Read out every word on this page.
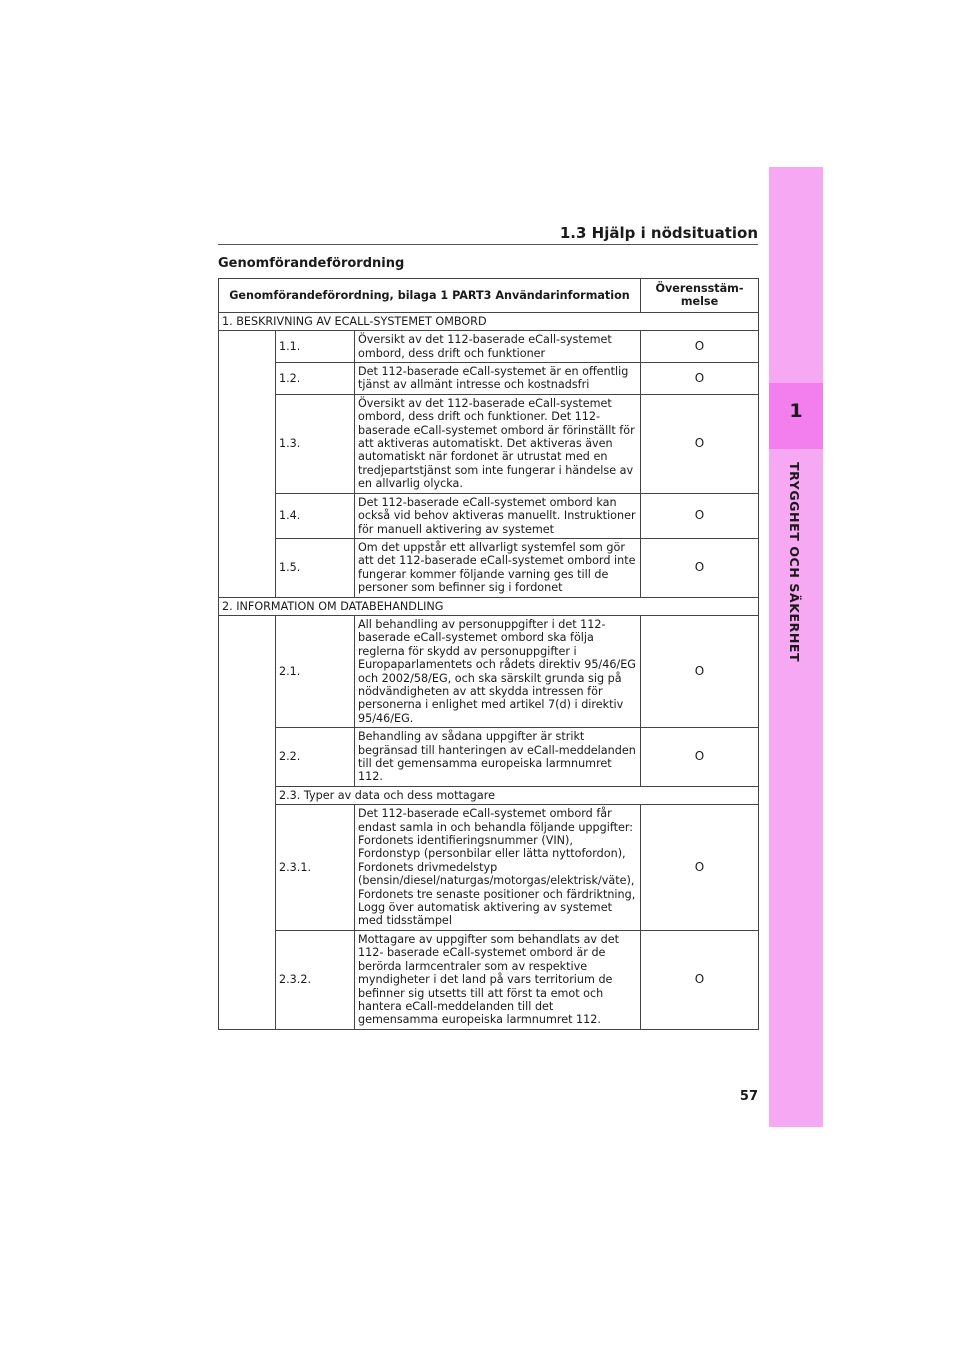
1
TRYGGHET OCH SÄKERHET
1.3 Hjälp i nödsituation
Genomförandeförordning
Genomförandeförordning, bilaga 1 PART3 Användarinformation			Överensstäm-
melse
1. BESKRIVNING AV ECALL-SYSTEMET OMBORD			
	1.1.	Översikt av det 112-baserade eCall-systemet ombord, dess drift och funktioner	O
	1.2.	Det 112-baserade eCall-systemet är en offentlig tjänst av allmänt intresse och kostnadsfri	O
	1.3.	Översikt av det 112-baserade eCall-systemet ombord, dess drift och funktioner. Det 112-baserade eCall-systemet ombord är förinställt för att aktiveras automatiskt. Det aktiveras även automatiskt när fordonet är utrustat med en tredjepartstjänst som inte fungerar i händelse av en allvarlig olycka.	O
	1.4.	Det 112-baserade eCall-systemet ombord kan också vid behov aktiveras manuellt. Instruktioner för manuell aktivering av systemet	O
	1.5.	Om det uppstår ett allvarligt systemfel som gör att det 112-baserade eCall-systemet ombord inte fungerar kommer följande varning ges till de personer som befinner sig i fordonet	O
2. INFORMATION OM DATABEHANDLING			
	2.1.	All behandling av personuppgifter i det 112-baserade eCall-systemet ombord ska följa reglerna för skydd av personuppgifter i Europaparlamentets och rådets direktiv 95/46/EG och 2002/58/EG, och ska särskilt grunda sig på nödvändigheten av att skydda intressen för personerna i enlighet med artikel 7(d) i direktiv 95/46/EG.	O
	2.2.	Behandling av sådana uppgifter är strikt begränsad till hanteringen av eCall-meddelanden till det gemensamma europeiska larmnumret 112.	O
	2.3. Typer av data och dess mottagare		
	2.3.1.	Det 112-baserade eCall-systemet ombord får endast samla in och behandla följande uppgifter: Fordonets identifieringsnummer (VIN), Fordonstyp (personbilar eller lätta nyttofordon), Fordonets drivmedelstyp (bensin/diesel/naturgas/motorgas/elektrisk/väte), Fordonets tre senaste positioner och färdriktning, Logg över automatisk aktivering av systemet med tidsstämpel	O
	2.3.2.	Mottagare av uppgifter som behandlats av det 112- baserade eCall-systemet ombord är de berörda larmcentraler som av respektive myndigheter i det land på vars territorium de befinner sig utsetts till att först ta emot och hantera eCall-meddelanden till det gemensamma europeiska larmnumret 112.	O
57
